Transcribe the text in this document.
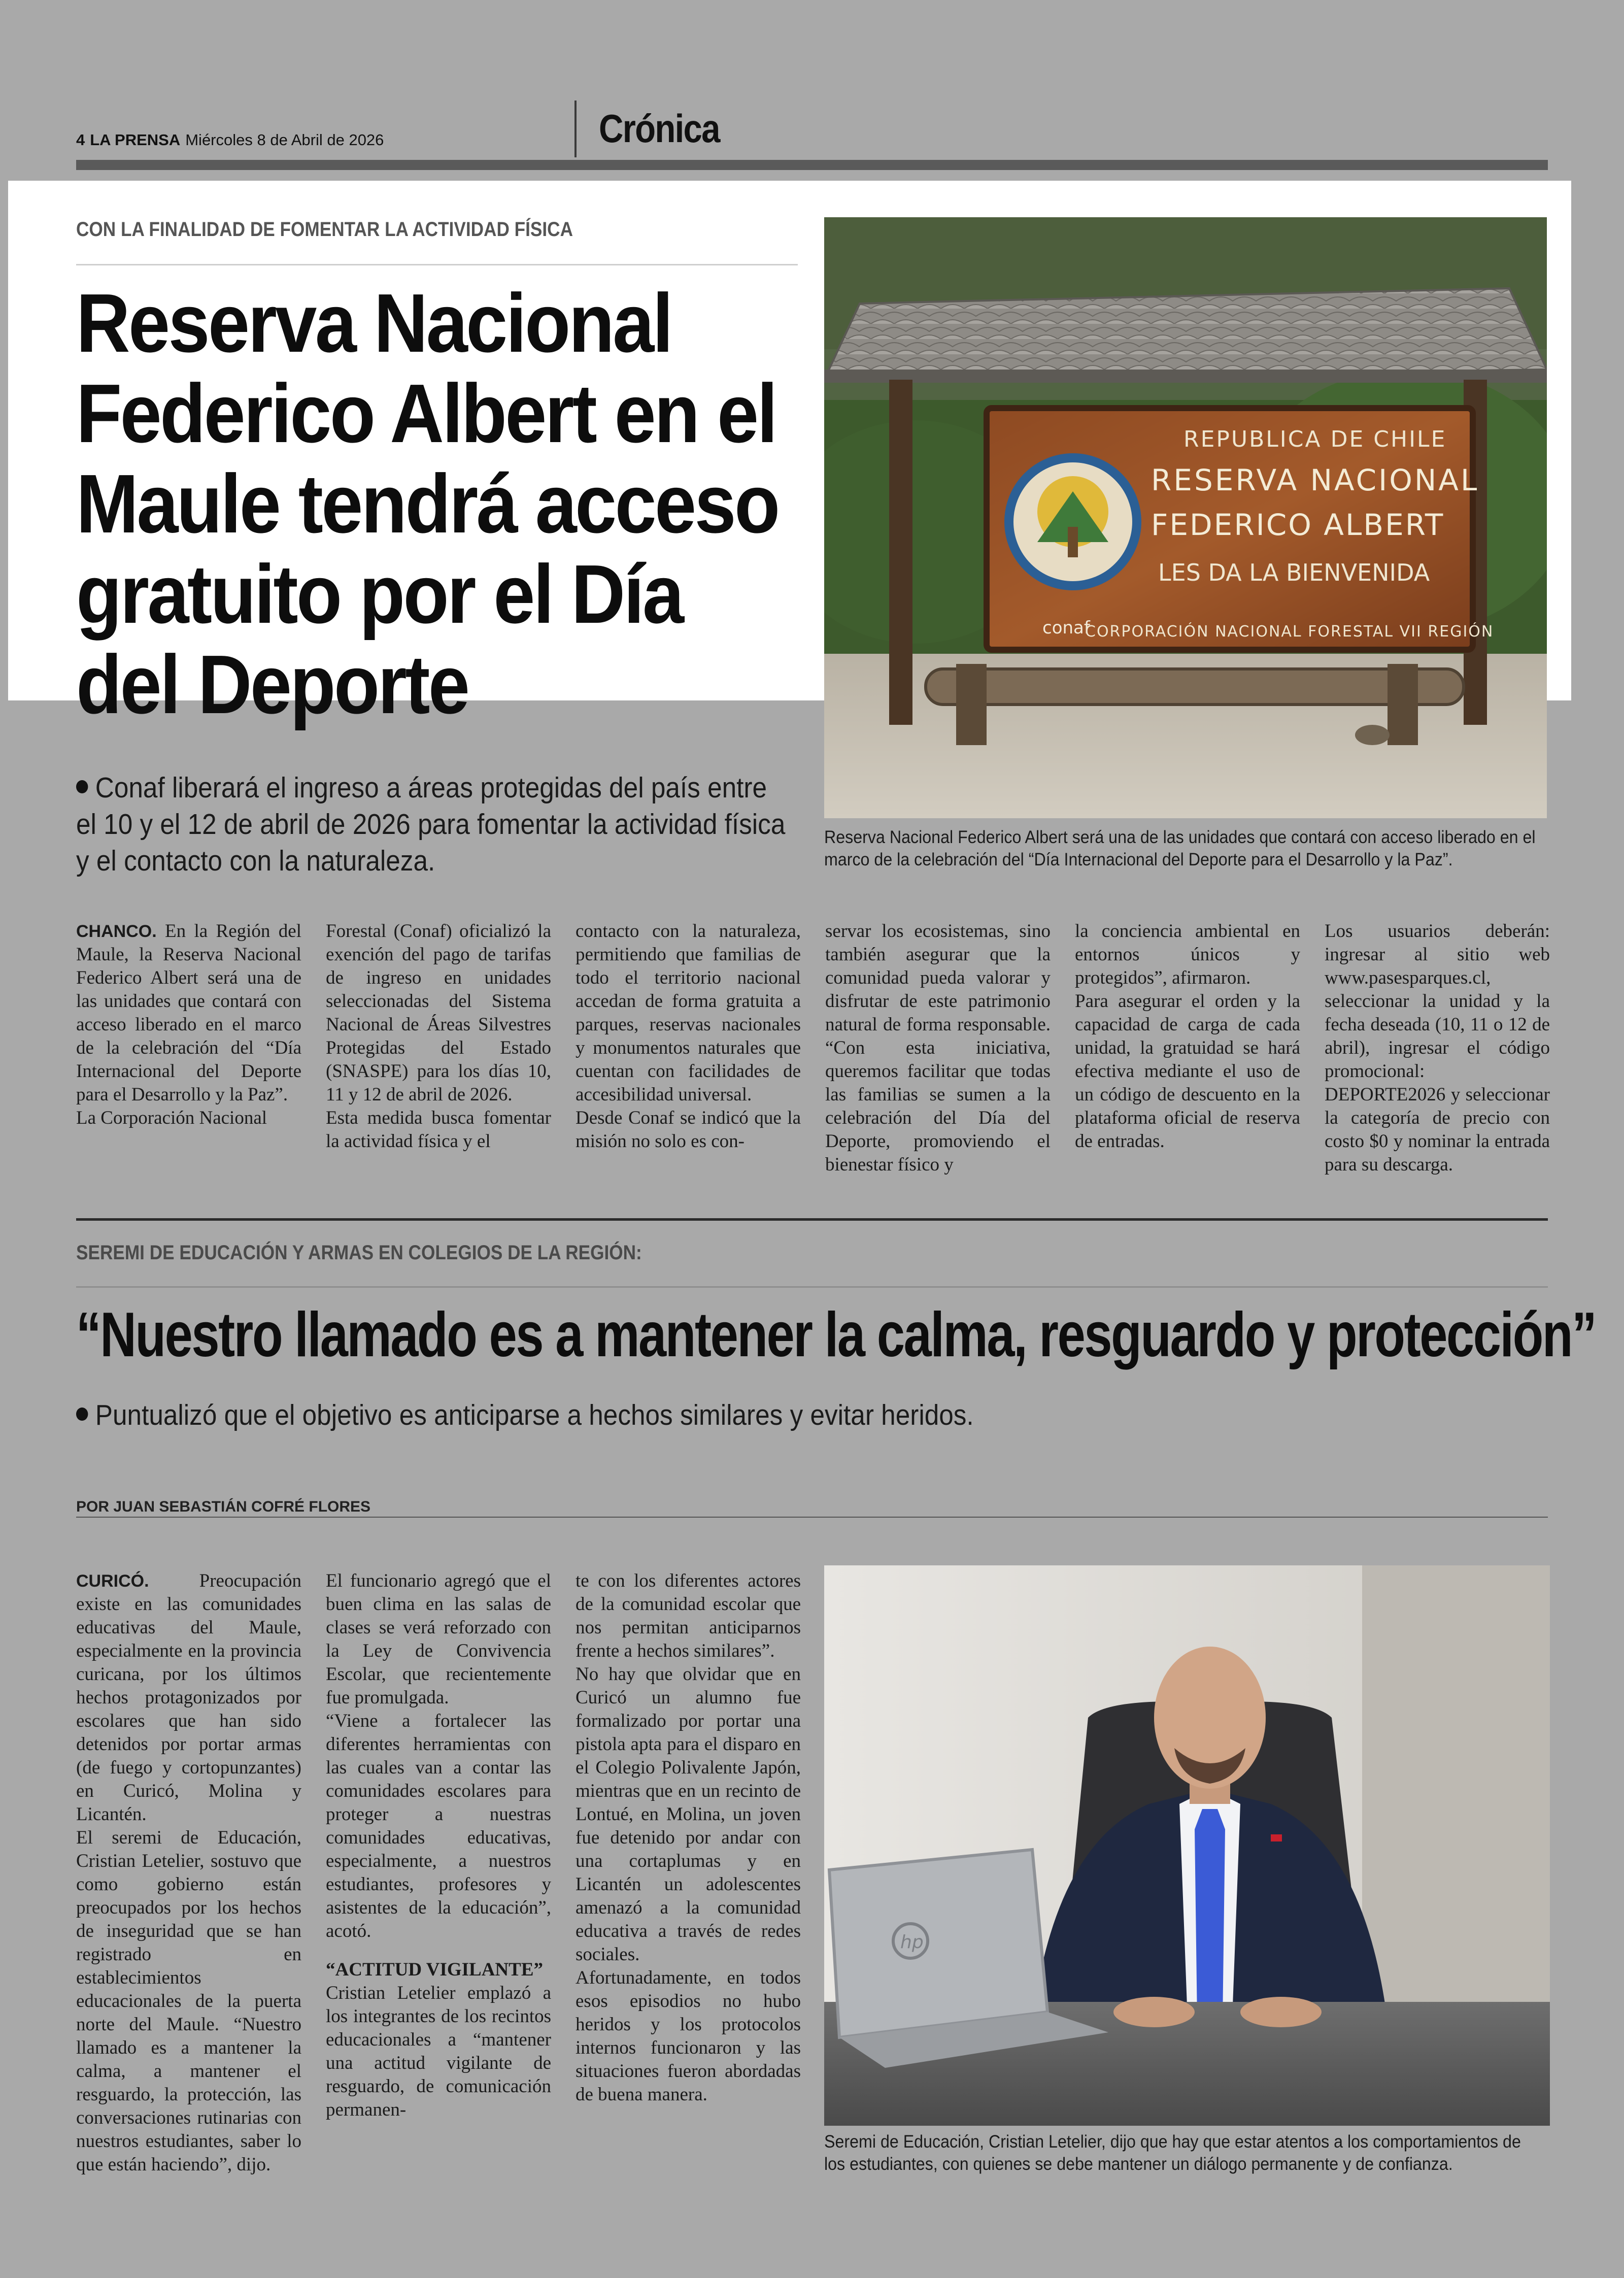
4 LA PRENSA Miércoles 8 de Abril de 2026	Crónica
CON LA FINALIDAD DE FOMENTAR LA ACTIVIDAD FÍSICA
Reserva Nacional Federico Albert en el Maule tendrá acceso gratuito por el Día del Deporte
Conaf liberará el ingreso a áreas protegidas del país entre el 10 y el 12 de abril de 2026 para fomentar la actividad física y el contacto con la naturaleza.
conaf
REPUBLICA DE CHILE
RESERVA NACIONAL
FEDERICO ALBERT
LES DA LA BIENVENIDA
CORPORACIÓN NACIONAL FORESTAL VII REGIÓN
Reserva Nacional Federico Albert será una de las unidades que contará con acceso liberado en el marco de la celebración del “Día Internacional del Deporte para el Desarrollo y la Paz”.

CHANCO. En la Región del Maule, la Reserva Nacional Federico Albert será una de las unidades que contará con acceso liberado en el marco de la celebración del “Día Internacional del Deporte para el Desarrollo y la Paz”.

La Corporación Nacional

Forestal (Conaf) oficializó la exención del pago de tarifas de ingreso en unidades seleccionadas del Sistema Nacional de Áreas Silvestres Protegidas del Estado (SNASPE) para los días 10, 11 y 12 de abril de 2026.

Esta medida busca fomentar la actividad física y el

contacto con la naturaleza, permitiendo que familias de todo el territorio nacional accedan de forma gratuita a parques, reservas nacionales y monumentos naturales que cuentan con facilidades de accesibilidad universal.

Desde Conaf se indicó que la misión no solo es con-

servar los ecosistemas, sino también asegurar que la comunidad pueda valorar y disfrutar de este patrimonio natural de forma responsable. “Con esta iniciativa, queremos facilitar que todas las familias se sumen a la celebración del Día del Deporte, promoviendo el bienestar físico y

la conciencia ambiental en entornos únicos y protegidos”, afirmaron.

Para asegurar el orden y la capacidad de carga de cada unidad, la gratuidad se hará efectiva mediante el uso de un código de descuento en la plataforma oficial de reserva de entradas.

Los usuarios deberán: ingresar al sitio web www.pasesparques.cl, seleccionar la unidad y la fecha deseada (10, 11 o 12 de abril), ingresar el código promocional: DEPORTE2026 y seleccionar la categoría de precio con costo $0 y nominar la entrada para su descarga.

SEREMI DE EDUCACIÓN Y ARMAS EN COLEGIOS DE LA REGIÓN:
“Nuestro llamado es a mantener la calma, resguardo y protección”
Puntualizó que el objetivo es anticiparse a hechos similares y evitar heridos.
POR JUAN SEBASTIÁN COFRÉ FLORES

CURICÓ.	Preocupación existe en las comunidades educativas del Maule, especialmente en la provincia curicana, por los últimos hechos protagonizados por escolares que han sido detenidos por portar armas (de fuego y cortopunzantes) en Curicó, Molina y Licantén.

El seremi de Educación, Cristian Letelier, sostuvo que como gobierno están preocupados por los hechos de inseguridad que se han registrado en establecimientos educacionales de la puerta norte del Maule. “Nuestro llamado es a mantener la calma, a mantener el resguardo, la protección, las conversaciones rutinarias con nuestros estudiantes, saber lo que están haciendo”, dijo.

El funcionario agregó que el buen clima en las salas de clases se verá reforzado con la Ley de Convivencia Escolar, que recientemente fue promulgada.

“Viene a fortalecer las diferentes herramientas con las cuales van a contar las comunidades escolares para proteger a nuestras comunidades educativas, especialmente, a nuestros estudiantes, profesores y asistentes de la educación”, acotó.

“ACTITUD VIGILANTE”

Cristian Letelier emplazó a los integrantes de los recintos educacionales a “mantener una actitud vigilante de resguardo, de comunicación permanen-

te con los diferentes actores de la comunidad escolar que nos permitan anticiparnos frente a hechos similares”.

No hay que olvidar que en Curicó un alumno fue formalizado por portar una pistola apta para el disparo en el Colegio Polivalente Japón, mientras que en un recinto de Lontué, en Molina, un joven fue detenido por andar con una cortaplumas y en Licantén un adolescentes amenazó a la comunidad educativa a través de redes sociales.

Afortunadamente, en todos esos episodios no hubo heridos y los protocolos internos funcionaron y las situaciones fueron abordadas de buena manera.

hp
Seremi de Educación, Cristian Letelier, dijo que hay que estar atentos a los comportamientos de los estudiantes, con quienes se debe mantener un diálogo permanente y de confianza.
